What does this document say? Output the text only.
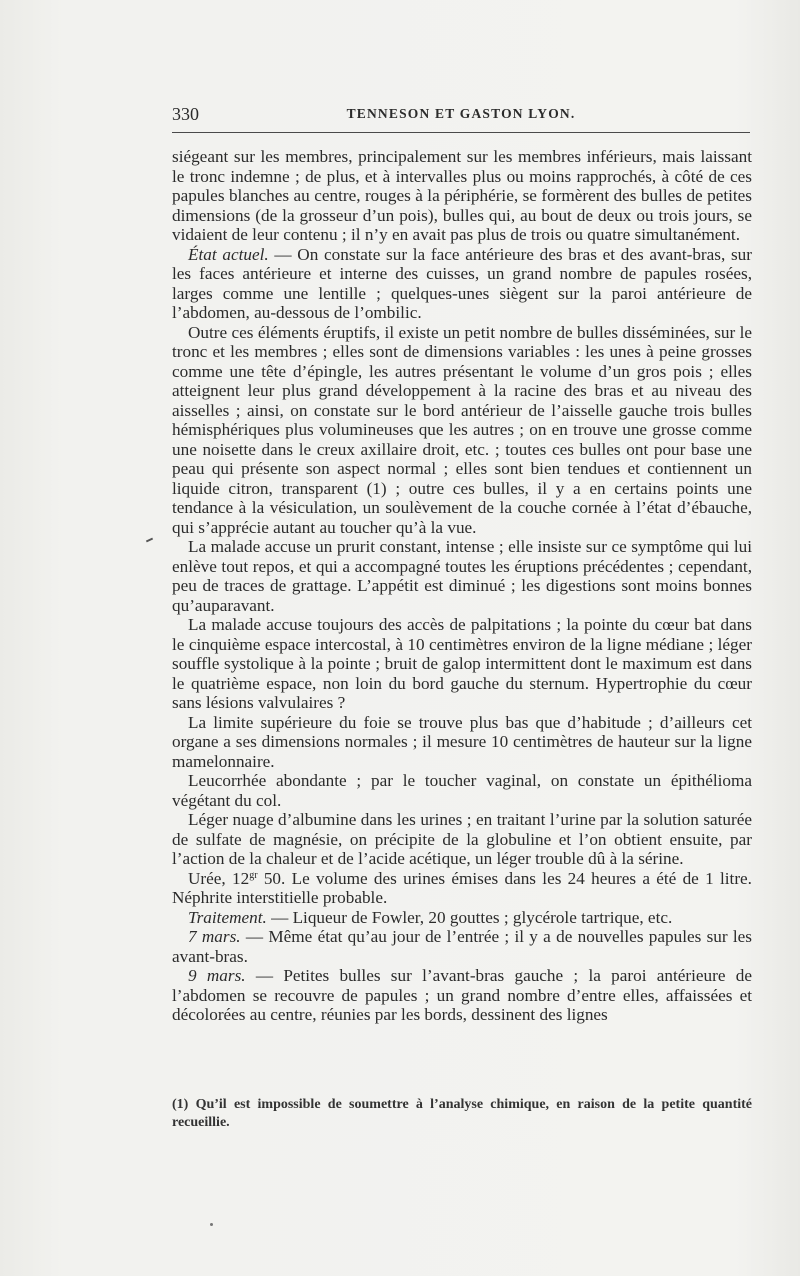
330	TENNESON ET GASTON LYON.

siégeant sur les membres, principalement sur les membres inférieurs, mais laissant le tronc indemne ; de plus, et à intervalles plus ou moins rapprochés, à côté de ces papules blanches au centre, rouges à la périphérie, se formèrent des bulles de petites dimensions (de la grosseur d’un pois), bulles qui, au bout de deux ou trois jours, se vidaient de leur contenu ; il n’y en avait pas plus de trois ou quatre simultanément.

État actuel. — On constate sur la face antérieure des bras et des avant-bras, sur les faces antérieure et interne des cuisses, un grand nombre de papules rosées, larges comme une lentille ; quelques-unes siègent sur la paroi antérieure de l’abdomen, au-dessous de l’ombilic.

Outre ces éléments éruptifs, il existe un petit nombre de bulles disséminées, sur le tronc et les membres ; elles sont de dimensions variables : les unes à peine grosses comme une tête d’épingle, les autres présentant le volume d’un gros pois ; elles atteignent leur plus grand développement à la racine des bras et au niveau des aisselles ; ainsi, on constate sur le bord antérieur de l’aisselle gauche trois bulles hémisphériques plus volumineuses que les autres ; on en trouve une grosse comme une noisette dans le creux axillaire droit, etc. ; toutes ces bulles ont pour base une peau qui présente son aspect normal ; elles sont bien tendues et contiennent un liquide citron, transparent (1) ; outre ces bulles, il y a en certains points une tendance à la vésiculation, un soulèvement de la couche cornée à l’état d’ébauche, qui s’apprécie autant au toucher qu’à la vue.

La malade accuse un prurit constant, intense ; elle insiste sur ce symptôme qui lui enlève tout repos, et qui a accompagné toutes les éruptions précédentes ; cependant, peu de traces de grattage. L’appétit est diminué ; les digestions sont moins bonnes qu’auparavant.

La malade accuse toujours des accès de palpitations ; la pointe du cœur bat dans le cinquième espace intercostal, à 10 centimètres environ de la ligne médiane ; léger souffle systolique à la pointe ; bruit de galop intermittent dont le maximum est dans le quatrième espace, non loin du bord gauche du sternum. Hypertrophie du cœur sans lésions valvulaires ?

La limite supérieure du foie se trouve plus bas que d’habitude ; d’ailleurs cet organe a ses dimensions normales ; il mesure 10 centimètres de hauteur sur la ligne mamelonnaire.

Leucorrhée abondante ; par le toucher vaginal, on constate un épithélioma végétant du col.

Léger nuage d’albumine dans les urines ; en traitant l’urine par la solution saturée de sulfate de magnésie, on précipite de la globuline et l’on obtient ensuite, par l’action de la chaleur et de l’acide acétique, un léger trouble dû à la sérine.

Urée, $12^{gr}$ 50. Le volume des urines émises dans les 24 heures a été de 1 litre. Néphrite interstitielle probable.

Traitement. — Liqueur de Fowler, 20 gouttes ; glycérole tartrique, etc.

7 mars. — Même état qu’au jour de l’entrée ; il y a de nouvelles papules sur les avant-bras.

9 mars. — Petites bulles sur l’avant-bras gauche ; la paroi antérieure de l’abdomen se recouvre de papules ; un grand nombre d’entre elles, affaissées et décolorées au centre, réunies par les bords, dessinent des lignes

(1) Qu’il est impossible de soumettre à l’analyse chimique, en raison de la petite quantité recueillie.
